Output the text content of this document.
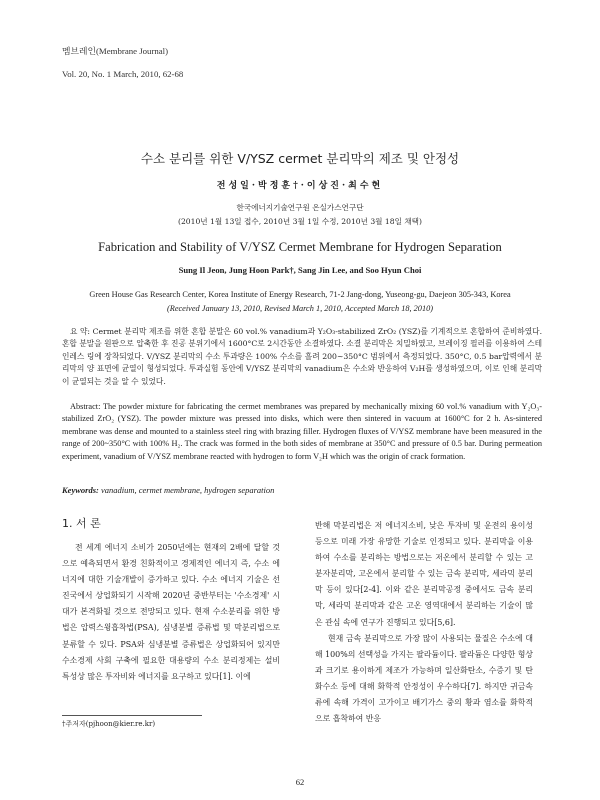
멤브레인(Membrane Journal)
Vol. 20, No. 1 March, 2010, 62-68
수소 분리를 위한 V/YSZ cermet 분리막의 제조 및 안정성
전성일·박정훈†·이상진·최수현
한국에너지기술연구원 온실가스연구단
(2010년 1월 13일 접수, 2010년 3월 1일 수정, 2010년 3월 18일 채택)
Fabrication and Stability of V/YSZ Cermet Membrane for Hydrogen Separation
Sung Il Jeon, Jung Hoon Park†, Sang Jin Lee, and Soo Hyun Choi
Green House Gas Research Center, Korea Institute of Energy Research, 71-2 Jang-dong, Yuseong-gu, Daejeon 305-343, Korea
(Received January 13, 2010, Revised March 1, 2010, Accepted March 18, 2010)
요 약: Cermet 분리막 제조를 위한 혼합 분말은 60 vol.% vanadium과 Y₂O₃-stabilized ZrO₂ (YSZ)를 기계적으로 혼합하여 준비하였다. 혼합 분말을 원판으로 압축한 후 진공 분위기에서 1600°C로 2시간동안 소결하였다. 소결 분리막은 치밀하였고, 브레이징 필러를 이용하여 스테인레스 링에 장착되었다. V/YSZ 분리막의 수소 투과량은 100% 수소를 흘려 200~350°C 범위에서 측정되었다. 350°C, 0.5 bar압력에서 분리막의 양 표면에 균열이 형성되었다. 투과실험 동안에 V/YSZ 분리막의 vanadium은 수소와 반응하여 V₂H를 생성하였으며, 이로 인해 분리막이 균열되는 것을 알 수 있었다.
Abstract: The powder mixture for fabricating the cermet membranes was prepared by mechanically mixing 60 vol.% vanadium with Y₂O₃-stabilized ZrO₂ (YSZ). The powder mixture was pressed into disks, which were then sintered in vacuum at 1600°C for 2 h. As-sintered membrane was dense and mounted to a stainless steel ring with brazing filler. Hydrogen fluxes of V/YSZ membrane have been measured in the range of 200~350°C with 100% H₂. The crack was formed in the both sides of membrane at 350°C and pressure of 0.5 bar. During permeation experiment, vanadium of V/YSZ membrane reacted with hydrogen to form V₂H which was the origin of crack formation.
Keywords: vanadium, cermet membrane, hydrogen separation
1. 서 론

전 세계 에너지 소비가 2050년에는 현재의 2배에 달할 것으로 예측되면서 환경 친화적이고 경제적인 에너지 즉, 수소 에너지에 대한 기술개발이 증가하고 있다. 수소 에너지 기술은 선진국에서 상업화되기 시작해 2020년 중반부터는 '수소경제' 시대가 본격화될 것으로 전망되고 있다. 현재 수소분리를 위한 방법은 압력스윙흡착법(PSA), 심냉분별 증류법 및 막분리법으로 분류할 수 있다. PSA와 심냉분별 증류법은 상업화되어 있지만 수소경제 사회 구축에 필요한 대용량의 수소 분리정제는 설비 특성상 많은 투자비와 에너지를 요구하고 있다[1]. 이에

반해 막분리법은 저 에너지소비, 낮은 투자비 및 운전의 용이성 등으로 미래 가장 유망한 기술로 인정되고 있다. 분리막을 이용하여 수소를 분리하는 방법으로는 저온에서 분리할 수 있는 고분자분리막, 고온에서 분리할 수 있는 금속 분리막, 세라믹 분리막 등이 있다[2-4]. 이와 같은 분리막공정 중에서도 금속 분리막, 세라믹 분리막과 같은 고온 영역대에서 분리하는 기술이 많은 관심 속에 연구가 진행되고 있다[5,6].

현재 금속 분리막으로 가장 많이 사용되는 물질은 수소에 대해 100%의 선택성을 가지는 팔라듐이다. 팔라듐은 다양한 형상과 크기로 용이하게 제조가 가능하며 일산화탄소, 수증기 및 탄화수소 등에 대해 화학적 안정성이 우수하다[7]. 하지만 귀금속류에 속해 가격이 고가이고 배기가스 중의 황과 염소를 화학적으로 흡착하여 반응

†주저자(pjhoon@kier.re.kr)
62
